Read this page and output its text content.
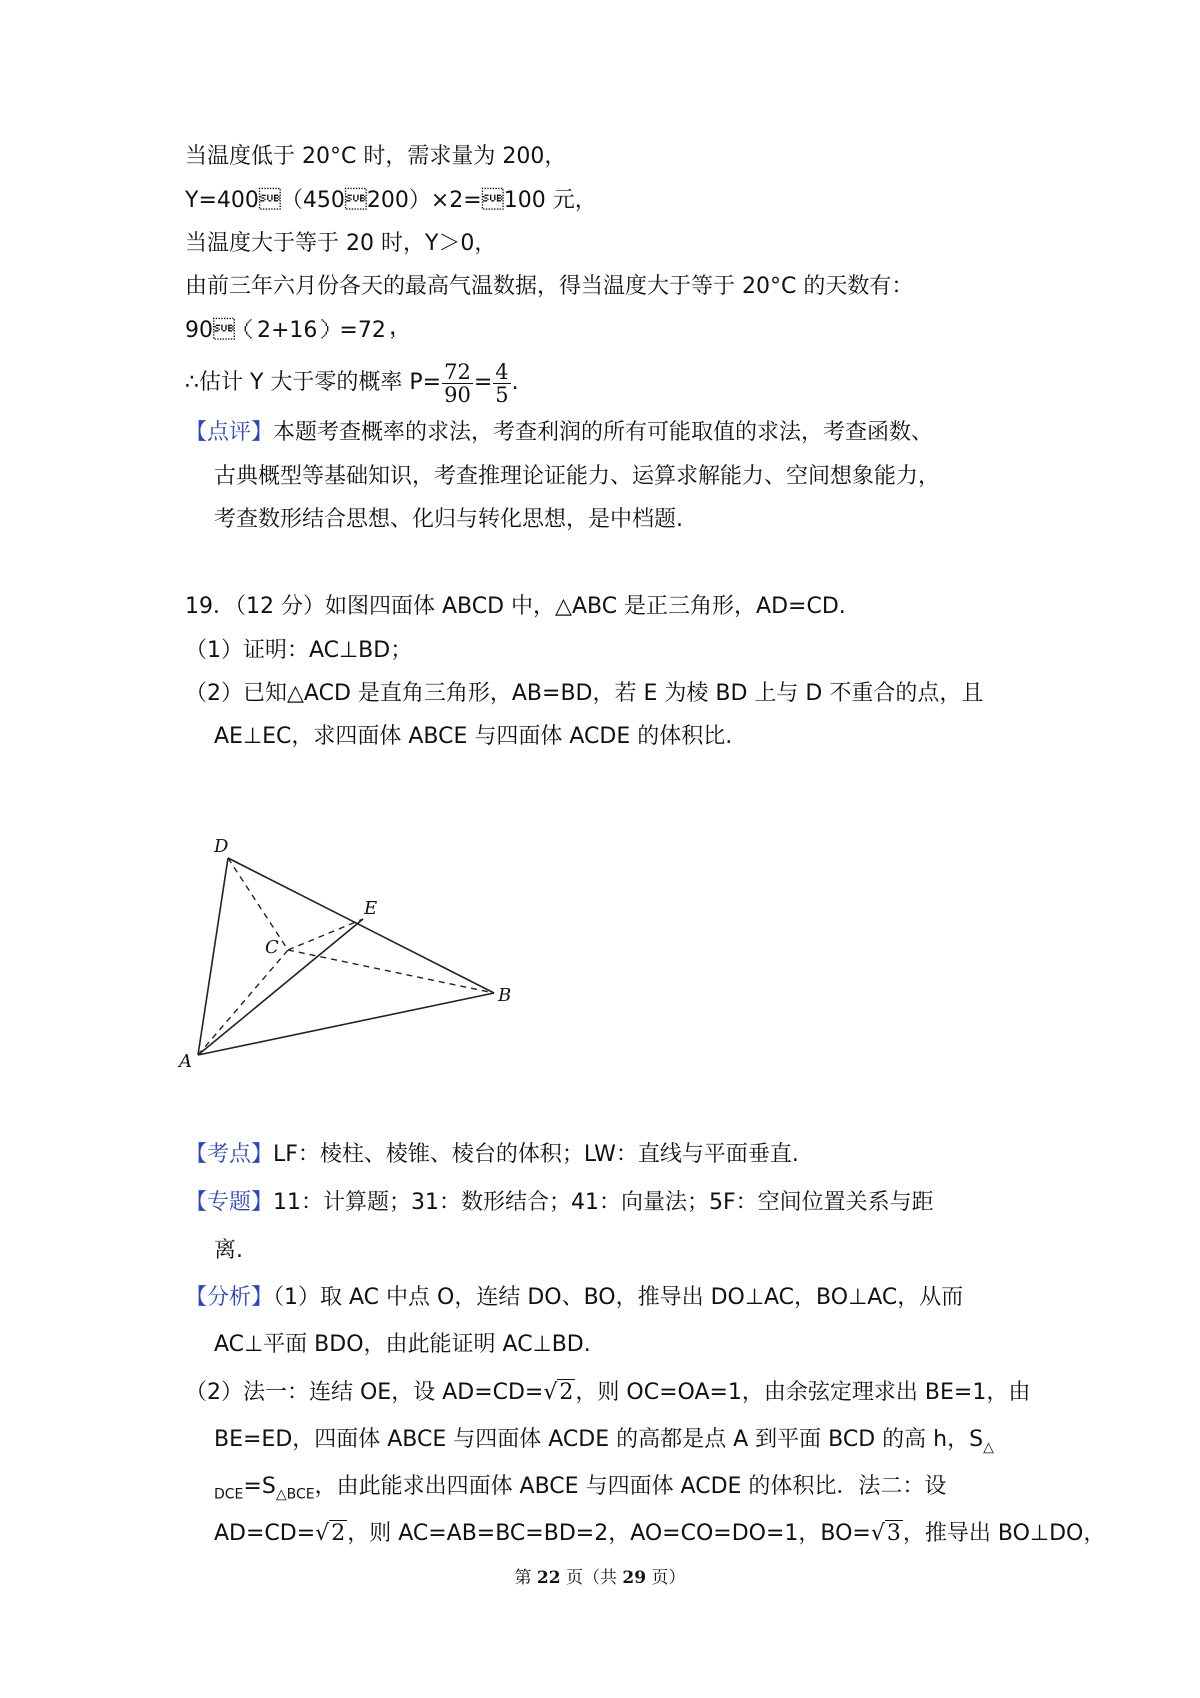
当温度低于 20°C 时，需求量为 200，
Y=400（450200）×2=100 元，
当温度大于等于 20 时，Y＞0，
由前三年六月份各天的最高气温数据，得当温度大于等于 20°C 的天数有：
90（2+16）=72，
∴估计 Y 大于零的概率 $P= \frac{72}{90} = \frac{4}{5}$ .
【点评】本题考查概率的求法，考查利润的所有可能取值的求法，考查函数、
古典概型等基础知识，考查推理论证能力、运算求解能力、空间想象能力，
考查数形结合思想、化归与转化思想，是中档题.
19．（12 分）如图四面体 ABCD 中，△ABC 是正三角形，AD=CD.
（1）证明：AC⊥BD；
（2）已知△ACD 是直角三角形，AB=BD，若 E 为棱 BD 上与 D 不重合的点，且
AE⊥EC，求四面体 ABCE 与四面体 ACDE 的体积比.
D
E
C
B
A
【考点】LF：棱柱、棱锥、棱台的体积；LW：直线与平面垂直.
【专题】11：计算题；31：数形结合；41：向量法；5F：空间位置关系与距
离.
【分析】（1）取 AC 中点 O，连结 DO、BO，推导出 DO⊥AC，BO⊥AC，从而
AC⊥平面 BDO，由此能证明 AC⊥BD.
（2）法一：连结 OE，设 AD=CD=√2，则 OC=OA=1，由余弦定理求出 BE=1，由
BE=ED，四面体 ABCE 与四面体 ACDE 的高都是点 A 到平面 BCD 的高 h，$S_\triangle$
$_{DCE}=S_{\triangle BCE}$，由此能求出四面体 ABCE 与四面体 ACDE 的体积比．法二：设
AD=CD=√2，则 AC=AB=BC=BD=2，AO=CO=DO=1，BO=√3，推导出 BO⊥DO，
第 22 页（共 29 页）
